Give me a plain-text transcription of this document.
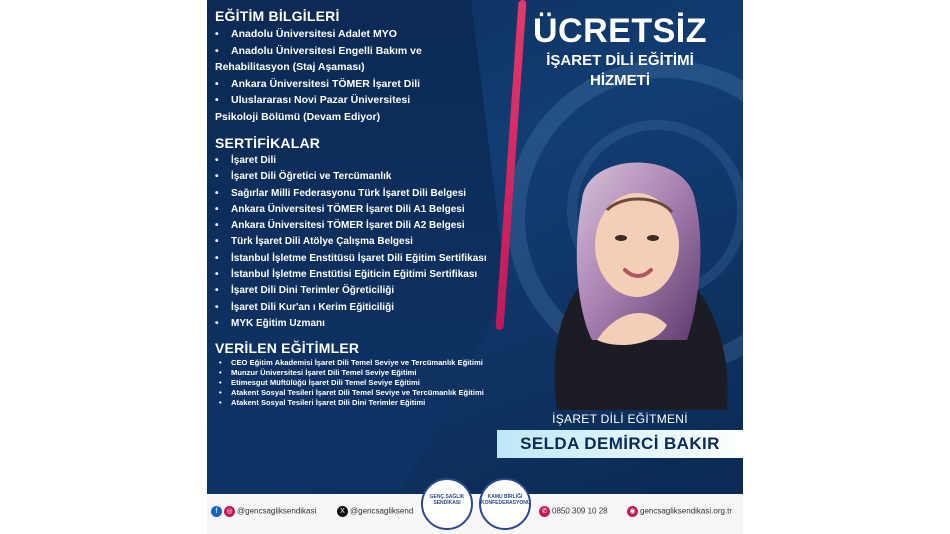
EĞİTİM BİLGİLERİ
• Anadolu Üniversitesi Adalet MYO
• Anadolu Üniversitesi Engelli Bakım ve
Rehabilitasyon (Staj Aşaması)
• Ankara Üniversitesi TÖMER İşaret Dili
• Uluslararası Novi Pazar Üniversitesi
Psikoloji Bölümü (Devam Ediyor)
SERTİFİKALAR
• İşaret Dili
• İşaret Dili Öğretici ve Tercümanlık
• Sağırlar Milli Federasyonu Türk İşaret Dili Belgesi
• Ankara Üniversitesi TÖMER İşaret Dili A1 Belgesi
• Ankara Üniversitesi TÖMER İşaret Dili A2 Belgesi
• Türk İşaret Dili Atölye Çalışma Belgesi
• İstanbul İşletme Enstitüsü İşaret Dili Eğitim Sertifikası
• İstanbul İşletme Enstütisi Eğiticin Eğitimi Sertifikası
• İşaret Dili Dini Terimler Öğreticiliği
• İşaret Dili Kur'an ı Kerim Eğiticiliği
• MYK Eğitim Uzmanı
VERİLEN EĞİTİMLER
• CEO Eğitim Akademisi İşaret Dili Temel Seviye ve Tercümanlık Eğitimi
• Munzur Üniversitesi İşaret Dili Temel Seviye Eğitimi
• Etimesgut Müftülüğü İşaret Dili Temel Seviye Eğitimi
• Atakent Sosyal Tesileri İşaret Dili Temel Seviye ve Tercümanlık Eğitimi
• Atakent Sosyal Tesileri İşaret Dili Dini Terimler Eğitimi
ÜCRETSİZ
İŞARET DİLİ EĞİTİMİ
HİZMETİ
İŞARET DİLİ EĞİTMENİ
SELDA DEMİRCİ BAKIR
GENÇ SAĞLIK SENDİKASI
KAMU BİRLİĞİ KONFEDERASYONU
f ◎ @gencsagliksendikasi	X @gencsagliksend	✆ 0850 309 10 28	◉ gencsagliksendikasi.org.tr
